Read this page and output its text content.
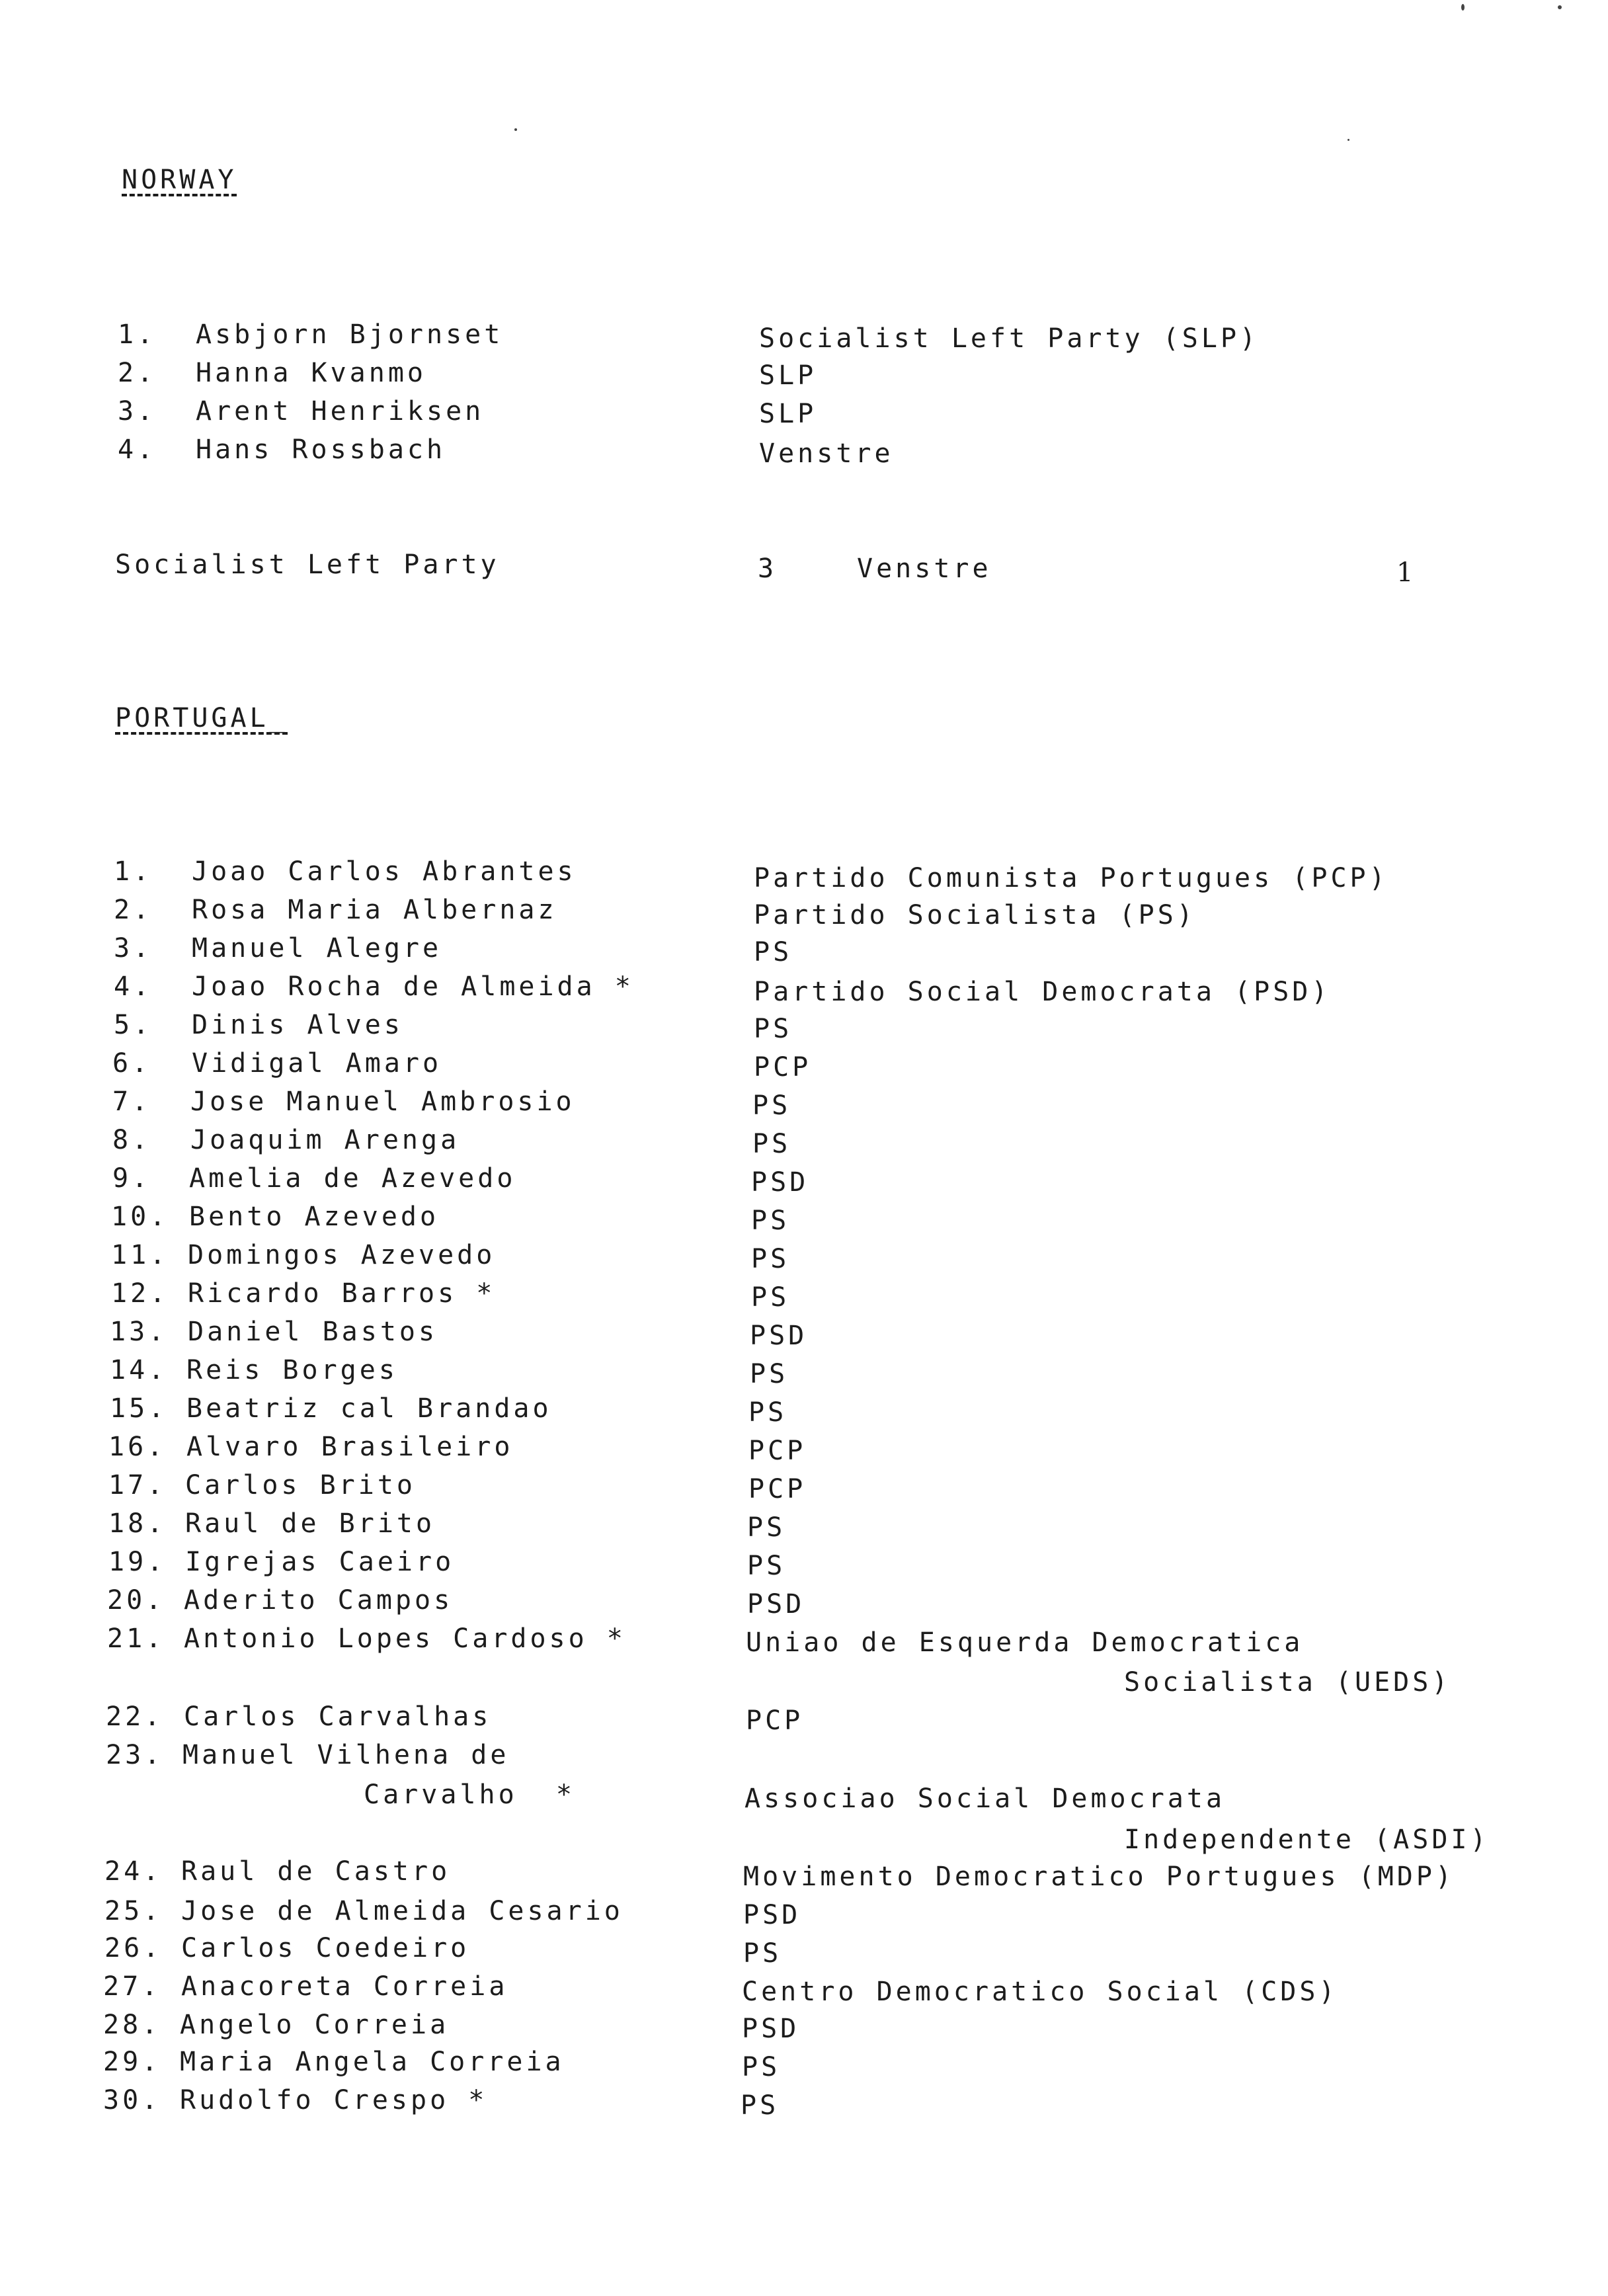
NORWAY
1. Asbjorn Bjornset	Socialist Left Party (SLP)
2. Hanna Kvanmo	SLP
3. Arent Henriksen	SLP
4. Hans Rossbach	Venstre
Socialist Left Party	3	Venstre	1
PORTUGAL_
1. Joao Carlos Abrantes	Partido Comunista Portugues (PCP)
2. Rosa Maria Albernaz	Partido Socialista (PS)
3. Manuel Alegre	PS
4. Joao Rocha de Almeida *	Partido Social Democrata (PSD)
5. Dinis Alves	PS
6. Vidigal Amaro	PCP
7. Jose Manuel Ambrosio	PS
8. Joaquim Arenga	PS
9. Amelia de Azevedo	PSD
10. Bento Azevedo	PS
11. Domingos Azevedo	PS
12. Ricardo Barros *	PS
13. Daniel Bastos	PSD
14. Reis Borges	PS
15. Beatriz cal Brandao	PS
16. Alvaro Brasileiro	PCP
17. Carlos Brito	PCP
18. Raul de Brito	PS
19. Igrejas Caeiro	PS
20. Aderito Campos	PSD
21. Antonio Lopes Cardoso *	Uniao de Esquerda Democratica
Socialista (UEDS)
22. Carlos Carvalhas	PCP
23. Manuel Vilhena de
Carvalho  *	Associao Social Democrata
Independente (ASDI)
24. Raul de Castro	Movimento Democratico Portugues (MDP)
25. Jose de Almeida Cesario	PSD
26. Carlos Coedeiro	PS
27. Anacoreta Correia	Centro Democratico Social (CDS)
28. Angelo Correia	PSD
29. Maria Angela Correia	PS
30. Rudolfo Crespo *	PS
